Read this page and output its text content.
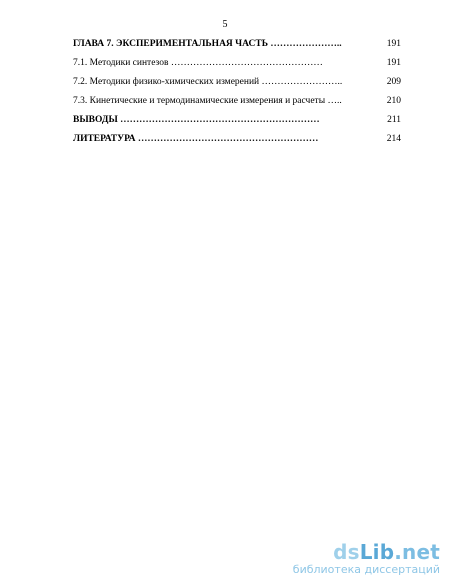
5
ГЛАВА 7. ЭКСПЕРИМЕНТАЛЬНАЯ ЧАСТЬ …………………..	191
7.1. Методики синтезов …………………………………………	191
7.2. Методики физико-химических измерений ……………………..	209
7.3. Кинетические и термодинамические измерения и расчеты …..	210
ВЫВОДЫ ………………………………………………………	211
ЛИТЕРАТУРА …………………………………………………	214
dsLib.net
библиотека диссертаций
